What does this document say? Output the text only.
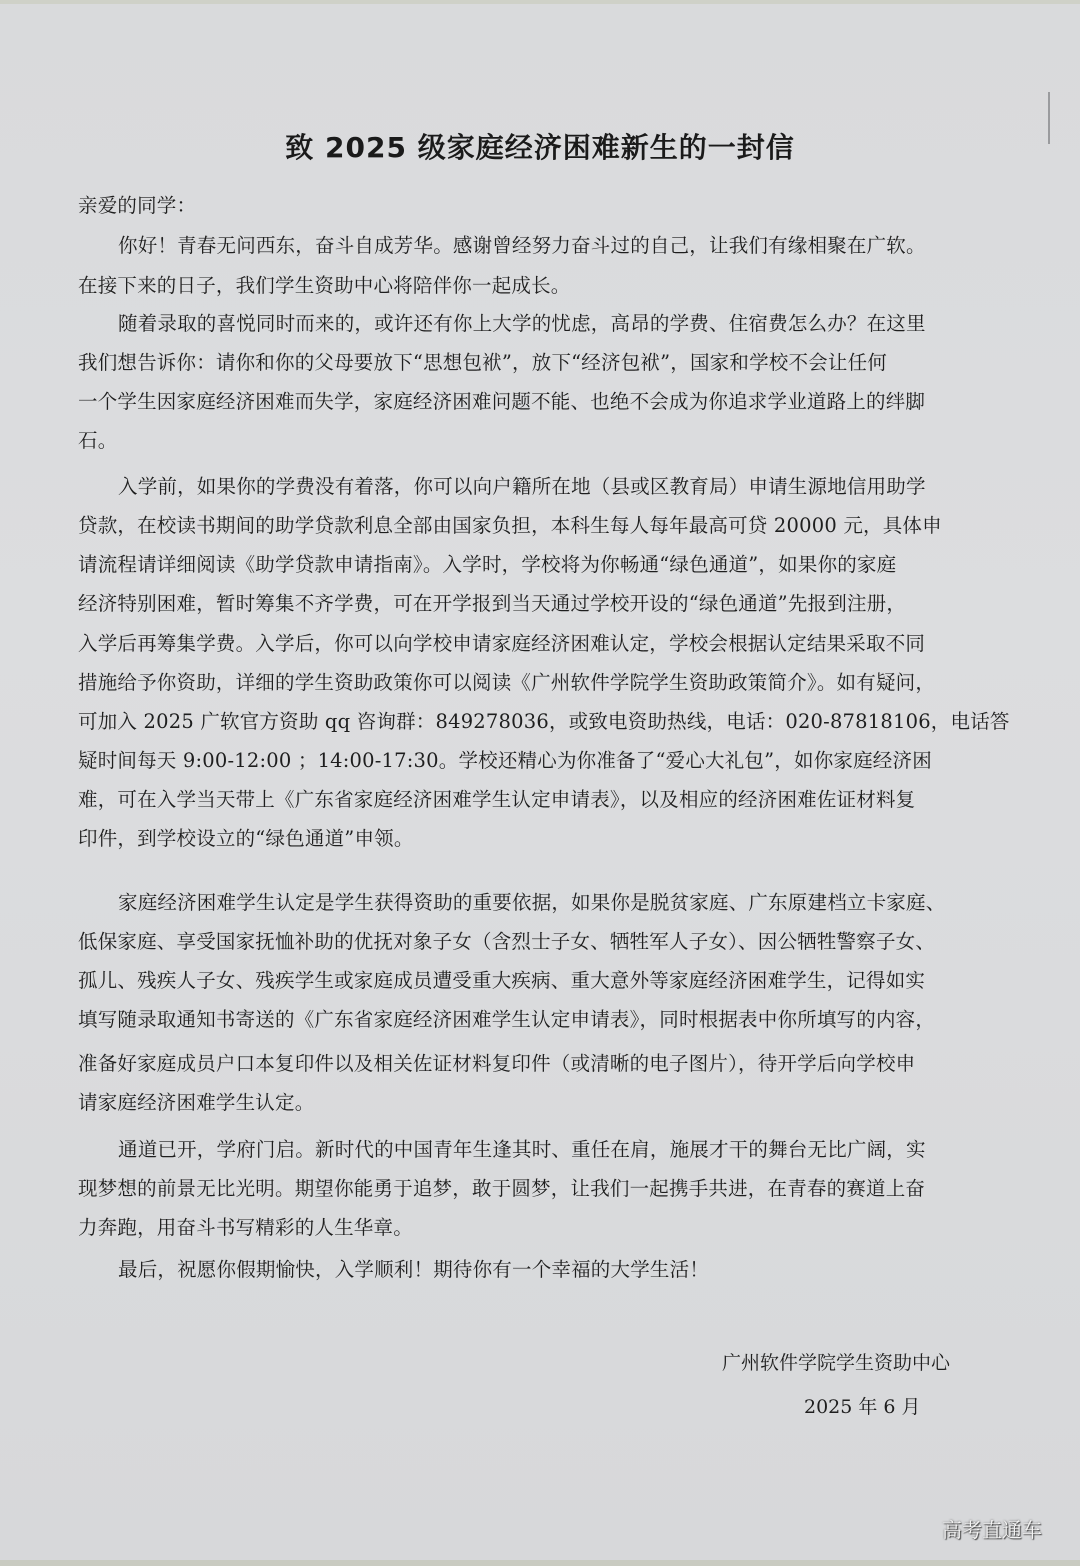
致 2025 级家庭经济困难新生的一封信
亲爱的同学：
你好！青春无问西东，奋斗自成芳华。感谢曾经努力奋斗过的自己，让我们有缘相聚在广软。
在接下来的日子，我们学生资助中心将陪伴你一起成长。
随着录取的喜悦同时而来的，或许还有你上大学的忧虑，高昂的学费、住宿费怎么办？在这里
我们想告诉你：请你和你的父母要放下“思想包袱”，放下“经济包袱”，国家和学校不会让任何
一个学生因家庭经济困难而失学，家庭经济困难问题不能、也绝不会成为你追求学业道路上的绊脚
石。
入学前，如果你的学费没有着落，你可以向户籍所在地（县或区教育局）申请生源地信用助学
贷款，在校读书期间的助学贷款利息全部由国家负担，本科生每人每年最高可贷 20000 元，具体申
请流程请详细阅读《助学贷款申请指南》。入学时，学校将为你畅通“绿色通道”，如果你的家庭
经济特别困难，暂时筹集不齐学费，可在开学报到当天通过学校开设的“绿色通道”先报到注册，
入学后再筹集学费。入学后，你可以向学校申请家庭经济困难认定，学校会根据认定结果采取不同
措施给予你资助，详细的学生资助政策你可以阅读《广州软件学院学生资助政策简介》。如有疑问，
可加入 2025 广软官方资助 qq 咨询群：849278036，或致电资助热线，电话：020-87818106，电话答
疑时间每天 9:00-12:00 ；14:00-17:30。学校还精心为你准备了“爱心大礼包”，如你家庭经济困
难，可在入学当天带上《广东省家庭经济困难学生认定申请表》，以及相应的经济困难佐证材料复
印件，到学校设立的“绿色通道”申领。
家庭经济困难学生认定是学生获得资助的重要依据，如果你是脱贫家庭、广东原建档立卡家庭、
低保家庭、享受国家抚恤补助的优抚对象子女（含烈士子女、牺牲军人子女）、因公牺牲警察子女、
孤儿、残疾人子女、残疾学生或家庭成员遭受重大疾病、重大意外等家庭经济困难学生，记得如实
填写随录取通知书寄送的《广东省家庭经济困难学生认定申请表》，同时根据表中你所填写的内容，
准备好家庭成员户口本复印件以及相关佐证材料复印件（或清晰的电子图片），待开学后向学校申
请家庭经济困难学生认定。
通道已开，学府门启。新时代的中国青年生逢其时、重任在肩，施展才干的舞台无比广阔，实
现梦想的前景无比光明。期望你能勇于追梦，敢于圆梦，让我们一起携手共进，在青春的赛道上奋
力奔跑，用奋斗书写精彩的人生华章。
最后，祝愿你假期愉快，入学顺利！期待你有一个幸福的大学生活！
广州软件学院学生资助中心
2025 年 6 月
高考直通车
